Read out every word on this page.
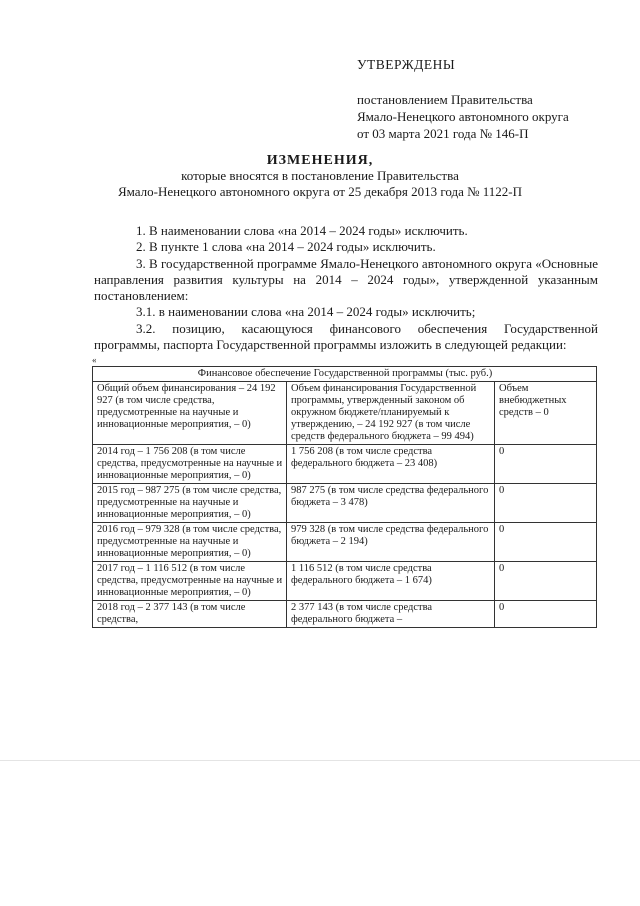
УТВЕРЖДЕНЫ
постановлением Правительства
Ямало-Ненецкого автономного округа
от 03 марта 2021 года № 146-П
ИЗМЕНЕНИЯ,
которые вносятся в постановление Правительства
Ямало-Ненецкого автономного округа от 25 декабря 2013 года № 1122-П

1. В наименовании слова «на 2014 – 2024 годы» исключить.

2. В пункте 1 слова «на 2014 – 2024 годы» исключить.

3. В государственной программе Ямало-Ненецкого автономного округа «Основные направления развития культуры на 2014 – 2024 годы», утвержденной указанным постановлением:

3.1. в наименовании слова «на 2014 – 2024 годы» исключить;

3.2. позицию, касающуюся финансового обеспечения Государственной программы, паспорта Государственной программы изложить в следующей редакции:

«
Финансовое обеспечение Государственной программы (тыс. руб.)		
Общий объем финансирования – 24 192 927 (в том числе средства, предусмотренные на научные и инновационные мероприятия, – 0)	Объем финансирования Государственной программы, утвержденный законом об окружном бюджете/планируемый к утверждению, – 24 192 927 (в том числе средств федерального бюджета – 99 494)	Объем внебюджетных средств – 0
2014 год – 1 756 208 (в том числе средства, предусмотренные на научные и инновационные мероприятия, – 0)	1 756 208 (в том числе средства федерального бюджета – 23 408)	0
2015 год – 987 275 (в том числе средства, предусмотренные на научные и инновационные мероприятия, – 0)	987 275 (в том числе средства федерального бюджета – 3 478)	0
2016 год – 979 328 (в том числе средства, предусмотренные на научные и инновационные мероприятия, – 0)	979 328 (в том числе средства федерального бюджета – 2 194)	0
2017 год – 1 116 512 (в том числе средства, предусмотренные на научные и инновационные мероприятия, – 0)	1 116 512 (в том числе средства федерального бюджета – 1 674)	0
2018 год – 2 377 143 (в том числе средства,	2 377 143 (в том числе средства федерального бюджета –	0
